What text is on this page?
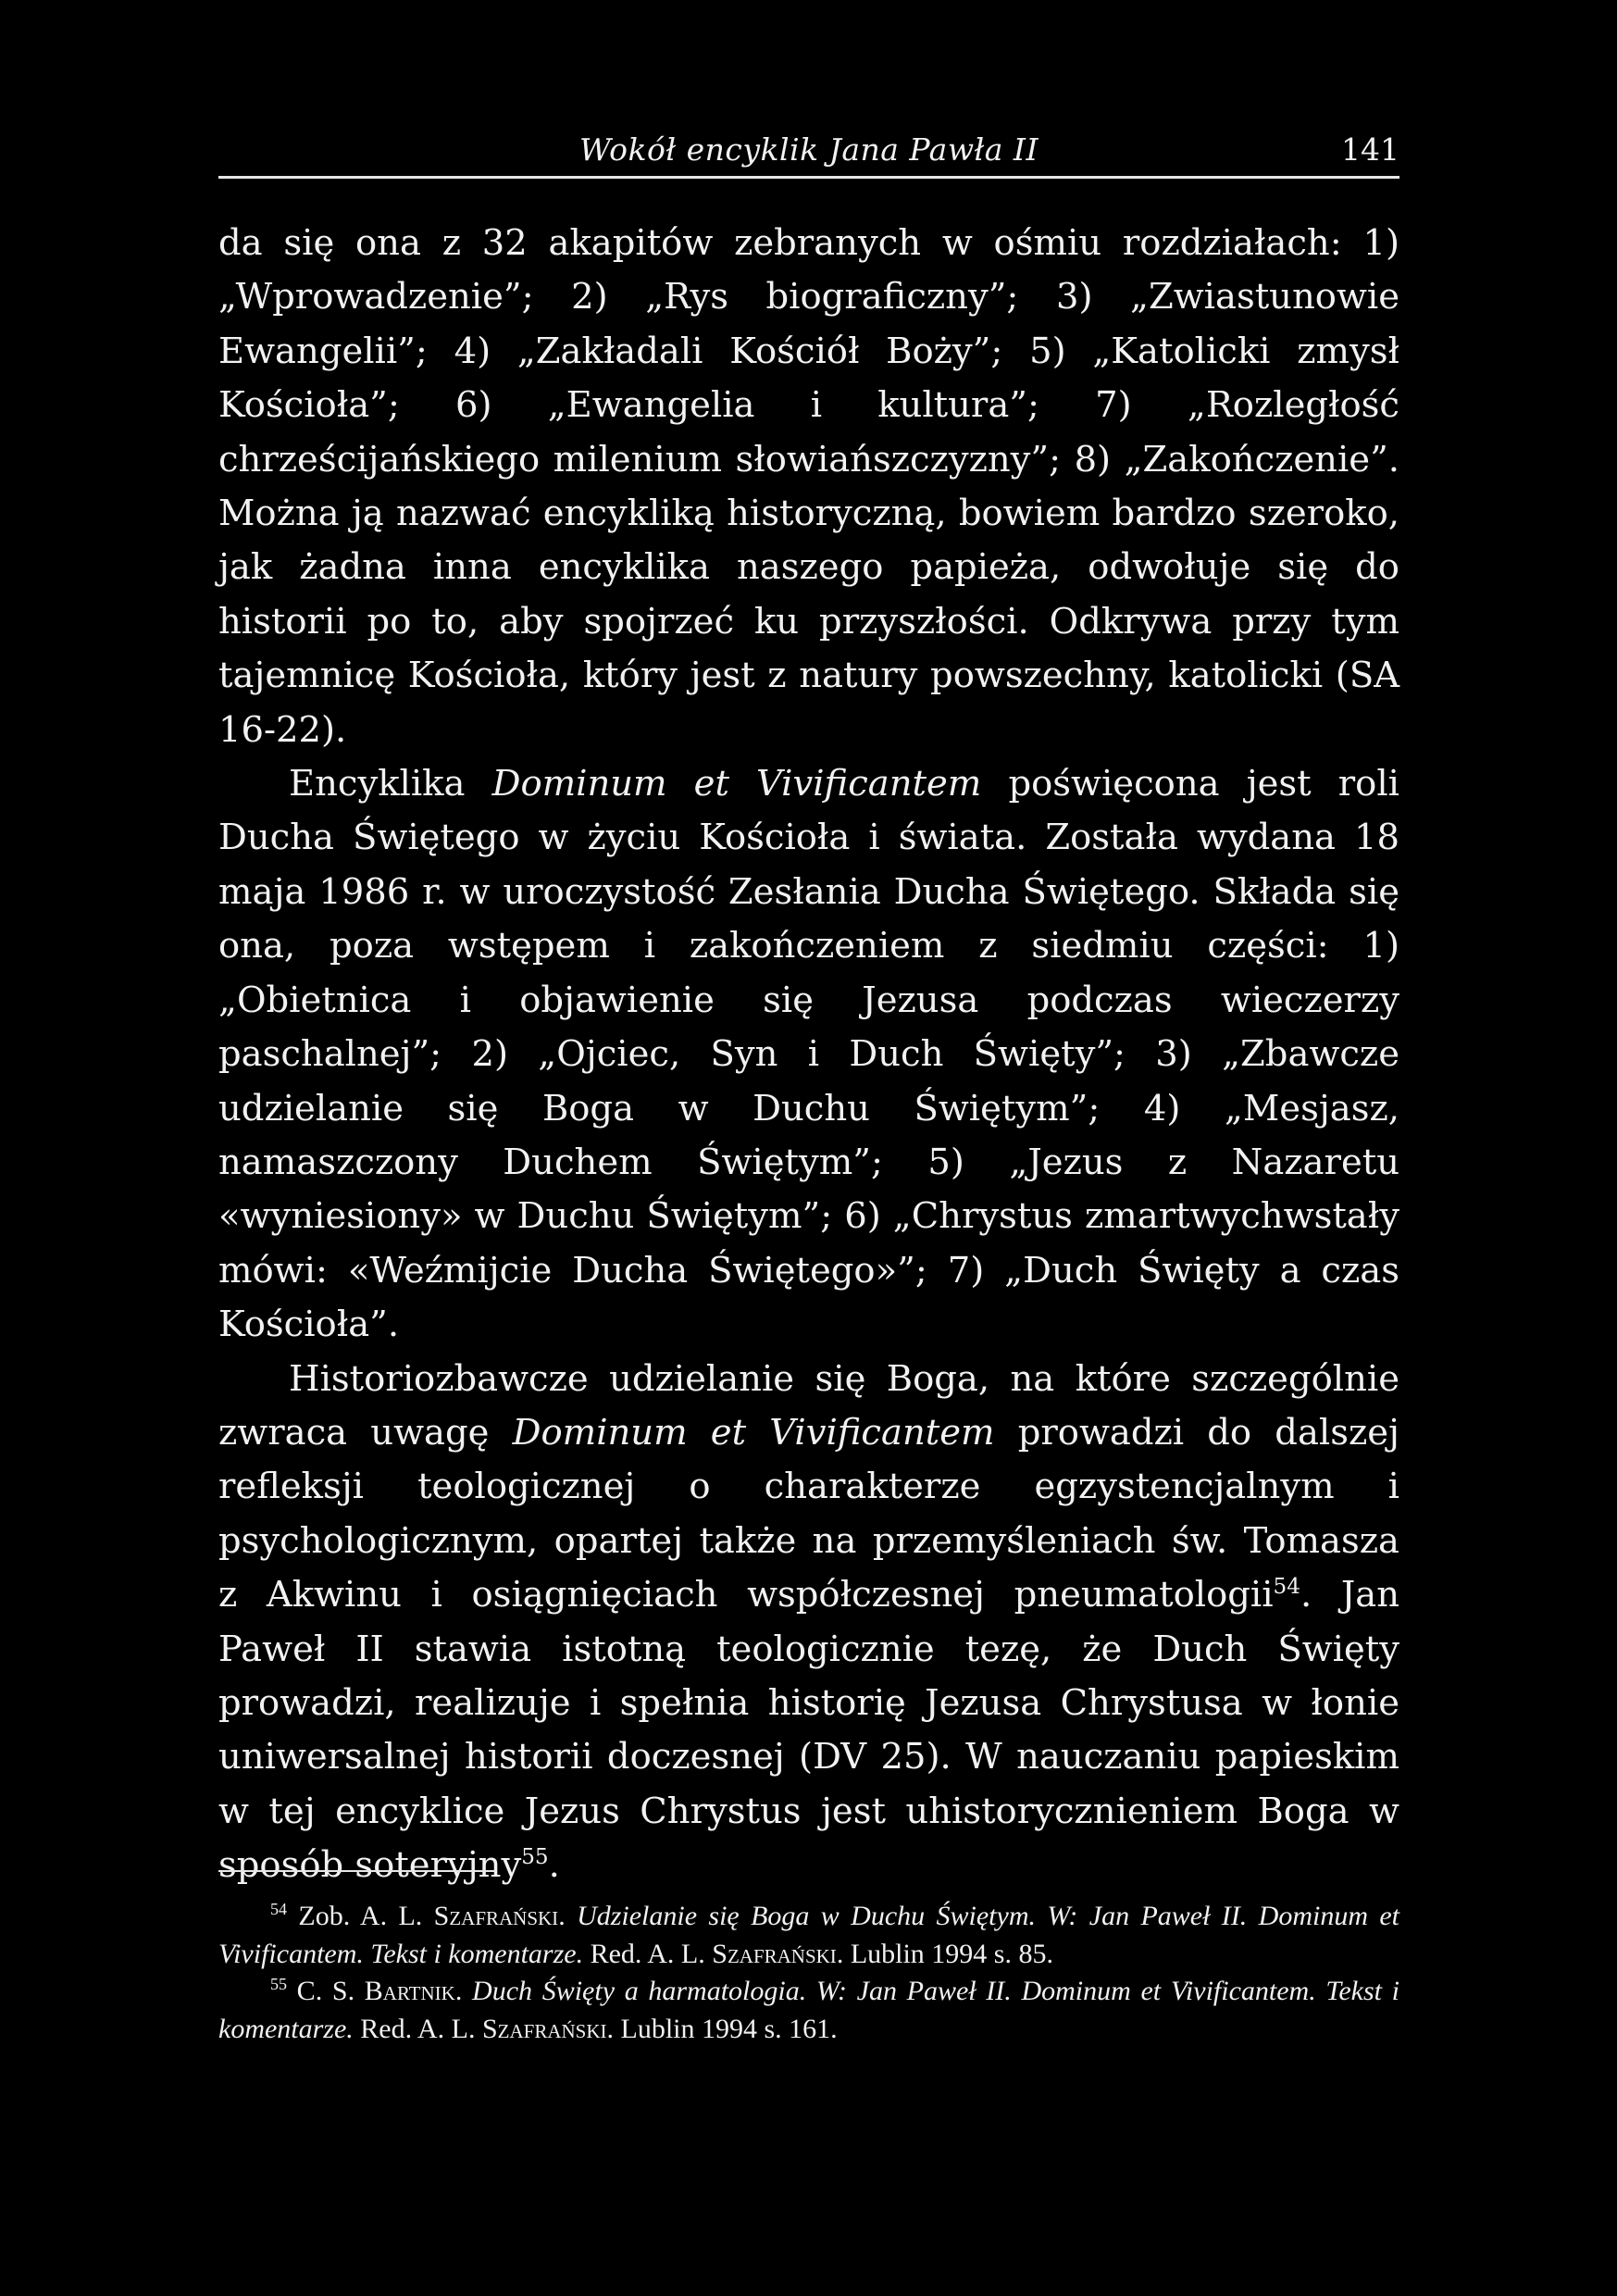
Wokół encyklik Jana Pawła II	141

da się ona z 32 akapitów zebranych w ośmiu rozdziałach: 1) „Wprowadzenie”; 2) „Rys biograficzny”; 3) „Zwiastunowie Ewangelii”; 4) „Zakładali Kościół Boży”; 5) „Katolicki zmysł Kościoła”; 6) „Ewangelia i kultura”; 7) „Rozległość chrześcijańskiego milenium słowiańszczyzny”; 8) „Zakończenie”. Można ją nazwać encykliką historyczną, bowiem bardzo szeroko, jak żadna inna encyklika naszego papieża, odwołuje się do historii po to, aby spojrzeć ku przyszłości. Odkrywa przy tym tajemnicę Kościoła, który jest z natury powszechny, katolicki (SA 16-22).

Encyklika Dominum et Vivificantem poświęcona jest roli Ducha Świętego w życiu Kościoła i świata. Została wydana 18 maja 1986 r. w uroczystość Zesłania Ducha Świętego. Składa się ona, poza wstępem i zakończeniem z siedmiu części: 1) „Obietnica i objawienie się Jezusa podczas wieczerzy paschalnej”; 2) „Ojciec, Syn i Duch Święty”; 3) „Zbawcze udzielanie się Boga w Duchu Świętym”; 4) „Mesjasz, namaszczony Duchem Świętym”; 5) „Jezus z Nazaretu «wyniesiony» w Duchu Świętym”; 6) „Chrystus zmartwychwstały mówi: «Weźmijcie Ducha Świętego»”; 7) „Duch Święty a czas Kościoła”.

Historiozbawcze udzielanie się Boga, na które szczególnie zwraca uwagę Dominum et Vivificantem prowadzi do dalszej refleksji teologicznej o charakterze egzystencjalnym i psychologicznym, opartej także na przemyśleniach św. Tomasza z Akwinu i osiągnięciach współczesnej pneumatologii$^{54}$. Jan Paweł II stawia istotną teologicznie tezę, że Duch Święty prowadzi, realizuje i spełnia historię Jezusa Chrystusa w łonie uniwersalnej historii doczesnej (DV 25). W nauczaniu papieskim w tej encyklice Jezus Chrystus jest uhistorycznieniem Boga w sposób soteryjny$^{55}$.

$^{54}$ Zob. A. L. Szafrański. Udzielanie się Boga w Duchu Świętym. W: Jan Paweł II. Dominum et Vivificantem. Tekst i komentarze. Red. A. L. Szafrański. Lublin 1994 s. 85.

$^{55}$ C. S. Bartnik. Duch Święty a harmatologia. W: Jan Paweł II. Dominum et Vivificantem. Tekst i komentarze. Red. A. L. Szafrański. Lublin 1994 s. 161.
